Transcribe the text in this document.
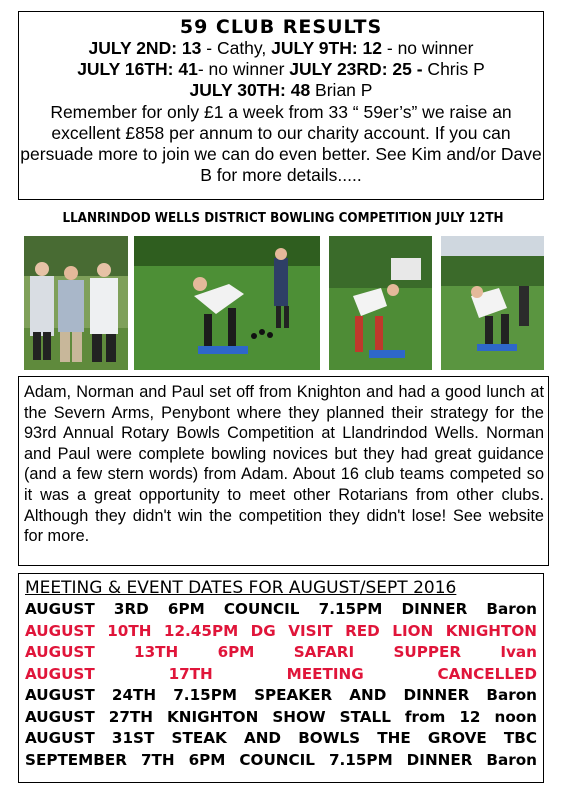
59 CLUB RESULTS
JULY 2ND: 13 - Cathy, JULY 9TH: 12 - no winner
JULY 16TH: 41- no winner JULY 23RD: 25 - Chris P
JULY 30TH: 48 Brian P
Remember for only £1 a week from 33 “ 59er’s” we raise an excellent £858 per annum to our charity account. If you can persuade more to join we can do even better. See Kim and/or Dave B for more details.....
LLANRINDOD WELLS DISTRICT BOWLING COMPETITION JULY 12TH

Adam, Norman and Paul set off from Knighton and had a good lunch at the Severn Arms, Penybont where they planned their strategy for the 93rd Annual Rotary Bowls Competition at Llandrindod Wells. Norman and Paul were complete bowling novices but they had great guidance (and a few stern words) from Adam. About 16 club teams competed so it was a great opportunity to meet other Rotarians from other clubs. Although they didn't win the competition they didn't lose! See website for more.

MEETING & EVENT DATES FOR AUGUST/SEPT 2016
AUGUST 3RD 6PM COUNCIL 7.15PM DINNER Baron
AUGUST 10TH 12.45PM DG VISIT RED LION KNIGHTON
AUGUST 13TH 6PM SAFARI SUPPER Ivan
AUGUST 17TH MEETING CANCELLED
AUGUST 24TH 7.15PM SPEAKER AND DINNER Baron
AUGUST 27TH KNIGHTON SHOW STALL from 12 noon
AUGUST 31ST STEAK AND BOWLS THE GROVE TBC
SEPTEMBER 7TH 6PM COUNCIL 7.15PM DINNER Baron
